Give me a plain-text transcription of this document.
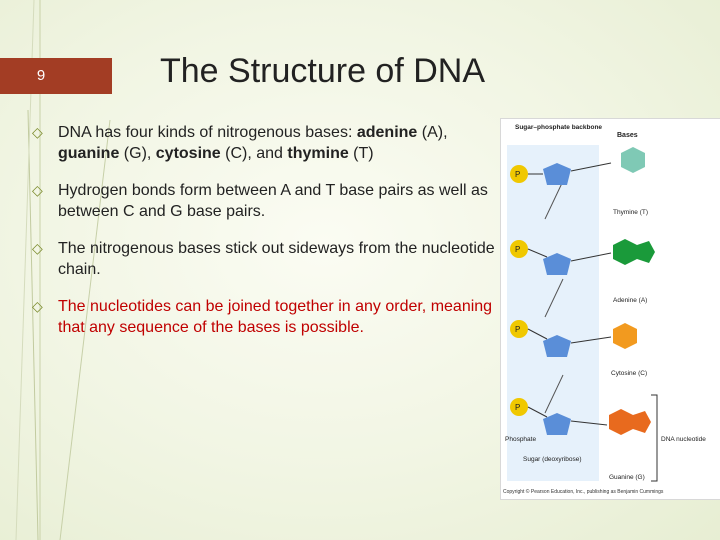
9	The Structure of DNA
◇ DNA has four kinds of nitrogenous bases: adenine (A), guanine (G), cytosine (C), and thymine (T)
◇ Hydrogen bonds form between A and T base pairs as well as between C and G base pairs.
◇ The nitrogenous bases stick out sideways from the nucleotide chain.
◇ The nucleotides can be joined together in any order, meaning that any sequence of the bases is possible.
Sugar–phosphate backbone
Bases
P
Thymine (T)
P
Adenine (A)
P
Cytosine (C)
P
Guanine (G)
DNA nucleotide
Phosphate
Sugar (deoxyribose)
Copyright © Pearson Education, Inc., publishing as Benjamin Cummings
